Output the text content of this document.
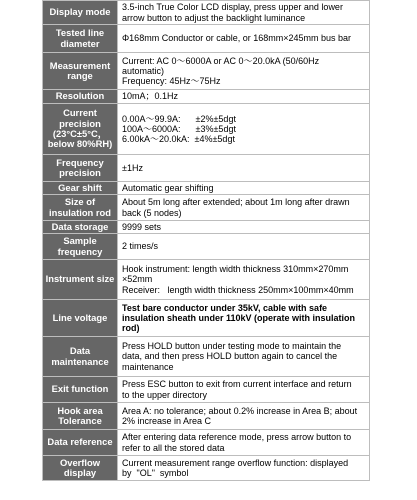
Display mode	3.5-inch True Color LCD display, press upper and lower
arrow button to adjust the backlight luminance

Tested line diameter	Φ168mm Conductor or cable, or 168mm×245mm bus bar

Measurement range	Current: AC 0～6000A or AC 0～20.0kA (50/60Hz
automatic)
Frequency: 45Hz～75Hz

Resolution	10mA；0.1Hz

Current precision (23°C±5°C，below 80%RH)	0.00A～99.9A:      ±2%±5dgt
100A～6000A:      ±3%±5dgt
6.00kA～20.0kA:  ±4%±5dgt

Frequency precision	±1Hz

Gear shift	Automatic gear shifting

Size of insulation rod	About 5m long after extended; about 1m long after drawn
back (5 nodes)

Data storage	9999 sets

Sample frequency	2 times/s

Instrument size	Hook instrument: length width thickness 310mm×270mm
×52mm
Receiver:   length width thickness 250mm×100mm×40mm

Line voltage	Test bare conductor under 35kV, cable with safe
insulation sheath under 110kV (operate with insulation
rod)

Data maintenance	Press HOLD button under testing mode to maintain the
data, and then press HOLD button again to cancel the
maintenance

Exit function	Press ESC button to exit from current interface and return
to the upper directory

Hook area Tolerance	Area A: no tolerance; about 0.2% increase in Area B; about
2% increase in Area C

Data reference	After entering data reference mode, press arrow button to
refer to all the stored data

Overflow display	Current measurement range overflow function: displayed
by  "OL"  symbol
